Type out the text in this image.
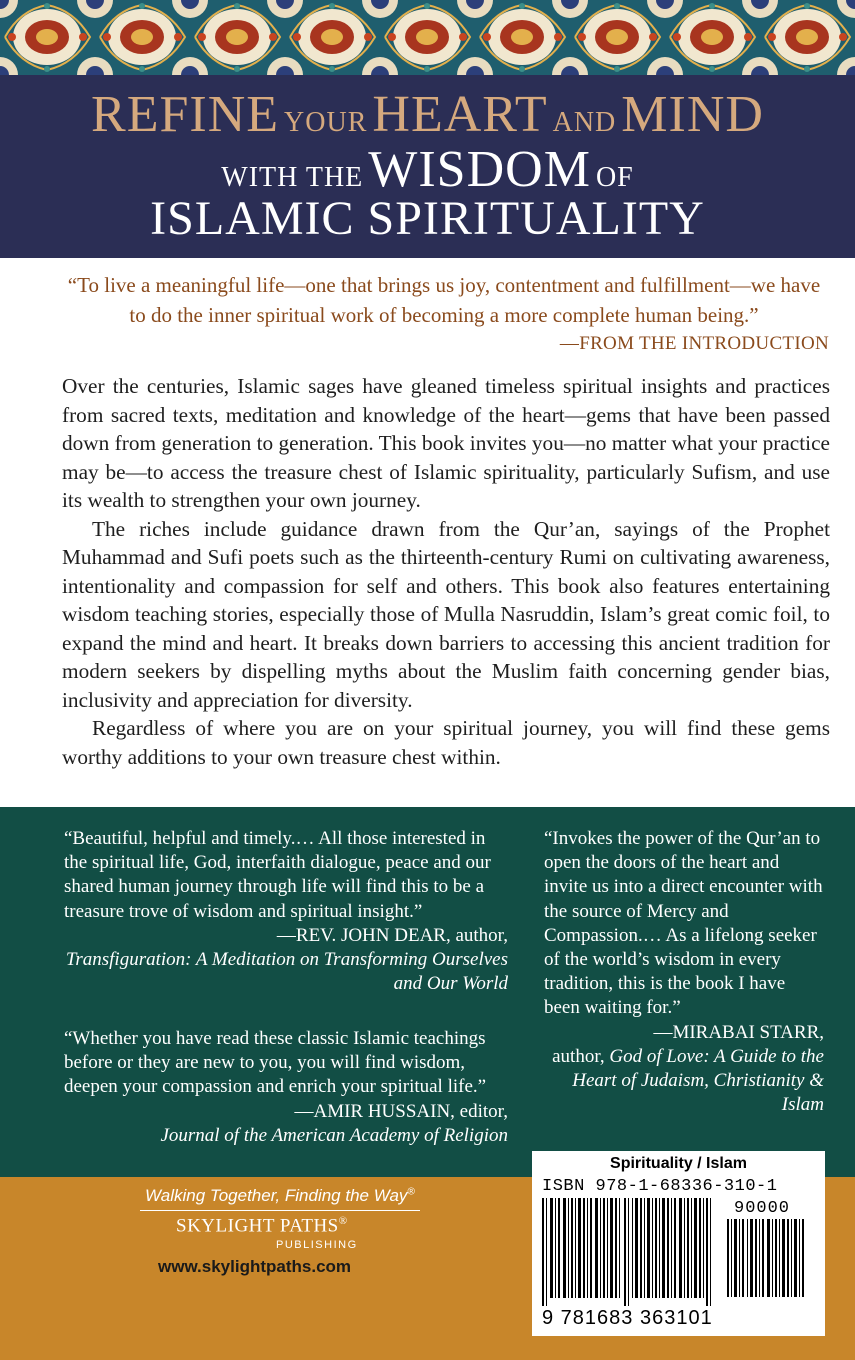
REFINE YOUR HEART AND MIND
WITH THE WISDOM OF
ISLAMIC SPIRITUALITY
“To live a meaningful life—one that brings us joy, contentment and fulfillment—we have to do the inner spiritual work of becoming a more complete human being.”
—FROM THE INTRODUCTION

Over the centuries, Islamic sages have gleaned timeless spiritual insights and practices from sacred texts, meditation and knowledge of the heart—gems that have been passed down from generation to generation. This book invites you—no matter what your practice may be—to access the treasure chest of Islamic spirituality, particularly Sufism, and use its wealth to strengthen your own journey.

The riches include guidance drawn from the Qur’an, sayings of the Prophet Muhammad and Sufi poets such as the thirteenth-century Rumi on cultivating awareness, intentionality and compassion for self and others. This book also features entertaining wisdom teaching stories, especially those of Mulla Nasruddin, Islam’s great comic foil, to expand the mind and heart. It breaks down barriers to accessing this ancient tradition for modern seekers by dispelling myths about the Muslim faith concerning gender bias, inclusivity and appreciation for diversity.

Regardless of where you are on your spiritual journey, you will find these gems worthy additions to your own treasure chest within.

“Beautiful, helpful and timely.… All those interested in the spiritual life, God, interfaith dialogue, peace and our shared human journey through life will find this to be a treasure trove of wisdom and spiritual insight.”
—REV. JOHN DEAR, author,
Transfiguration: A Meditation on Transforming Ourselves and Our World
“Whether you have read these classic Islamic teachings before or they are new to you, you will find wisdom, deepen your compassion and enrich your spiritual life.”
—AMIR HUSSAIN, editor,
Journal of the American Academy of Religion
“Invokes the power of the Qur’an to open the doors of the heart and invite us into a direct encounter with the source of Mercy and Compassion.… As a lifelong seeker of the world’s wisdom in every tradition, this is the book I have been waiting for.”
—MIRABAI STARR,
author, God of Love: A Guide to the Heart of Judaism, Christianity & Islam
Walking Together, Finding the Way®
SKYLIGHT PATHS®
PUBLISHING
www.skylightpaths.com
Spirituality / Islam
ISBN 978-1-68336-310-1
90000
9 781683 363101
